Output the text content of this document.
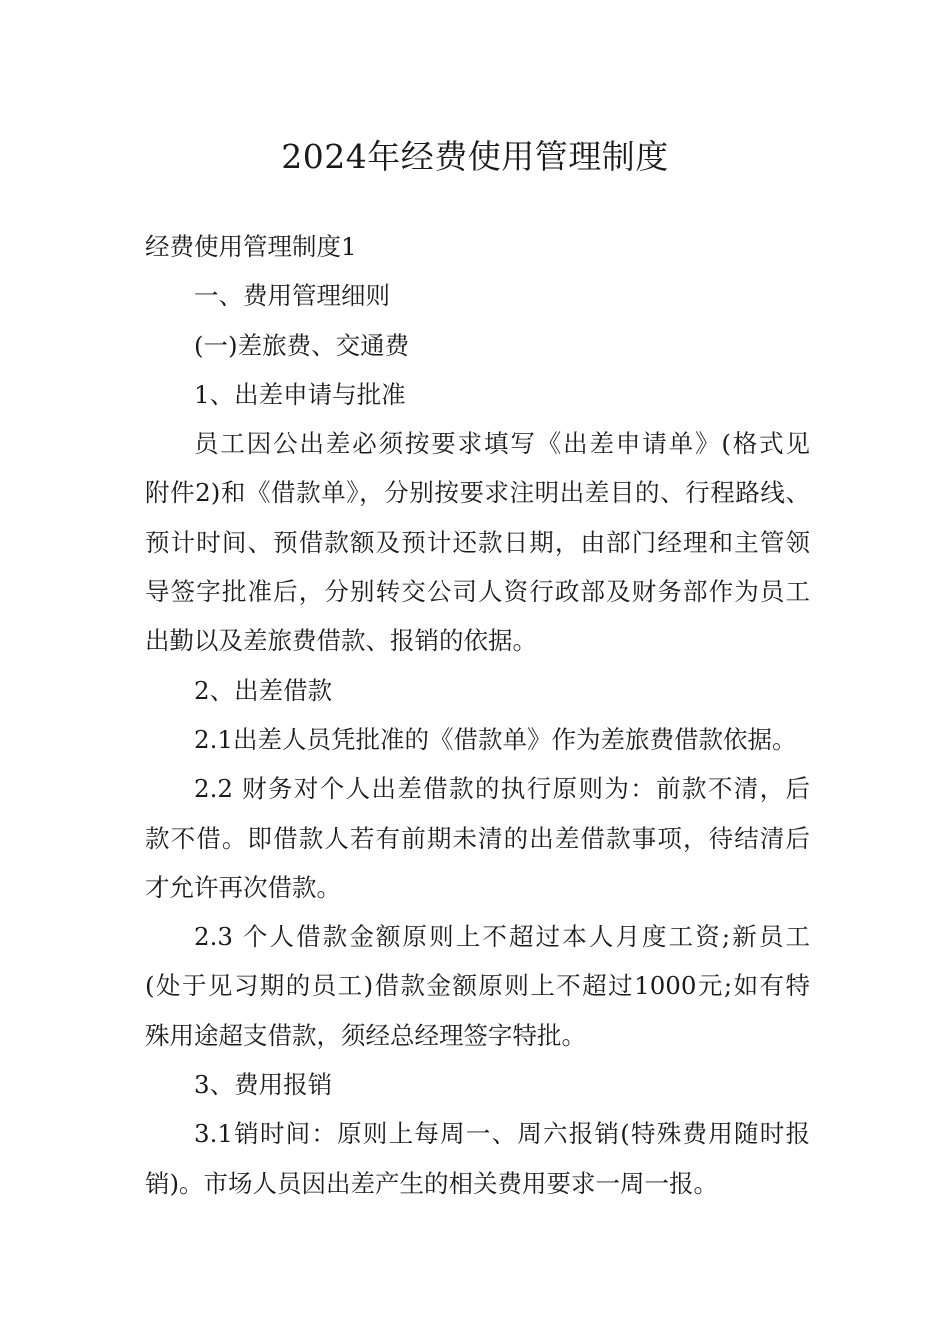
2024年经费使用管理制度
经费使用管理制度1
一、费用管理细则
(一)差旅费、交通费
1、出差申请与批准
员工因公出差必须按要求填写《出差申请单》(格式见
附件2)和《借款单》，分别按要求注明出差目的、行程路线、
预计时间、预借款额及预计还款日期，由部门经理和主管领
导签字批准后，分别转交公司人资行政部及财务部作为员工
出勤以及差旅费借款、报销的依据。
2、出差借款
2.1出差人员凭批准的《借款单》作为差旅费借款依据。
2.2 财务对个人出差借款的执行原则为：前款不清，后
款不借。即借款人若有前期未清的出差借款事项，待结清后
才允许再次借款。
2.3 个人借款金额原则上不超过本人月度工资;新员工
(处于见习期的员工)借款金额原则上不超过1000元;如有特
殊用途超支借款，须经总经理签字特批。
3、费用报销
3.1销时间：原则上每周一、周六报销(特殊费用随时报
销)。市场人员因出差产生的相关费用要求一周一报。
